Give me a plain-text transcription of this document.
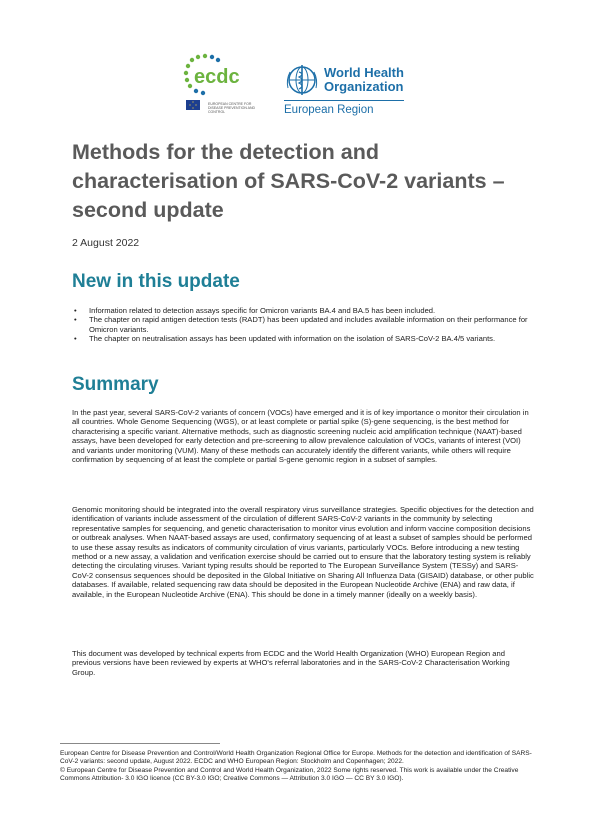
ecdc
EUROPEAN CENTRE FOR DISEASE PREVENTION AND CONTROL
World Health
Organization
European Region
Methods for the detection and characterisation of SARS-CoV-2 variants – second update
2 August 2022
New in this update
• Information related to detection assays specific for Omicron variants BA.4 and BA.5 has been included.
• The chapter on rapid antigen detection tests (RADT) has been updated and includes available information on their performance for Omicron variants.
• The chapter on neutralisation assays has been updated with information on the isolation of SARS-CoV-2 BA.4/5 variants.
Summary

In the past year, several SARS-CoV-2 variants of concern (VOCs) have emerged and it is of key importance o monitor their circulation in all countries. Whole Genome Sequencing (WGS), or at least complete or partial spike (S)-gene sequencing, is the best method for characterising a specific variant. Alternative methods, such as diagnostic screening nucleic acid amplification technique (NAAT)-based assays, have been developed for early detection and pre-screening to allow prevalence calculation of VOCs, variants of interest (VOI) and variants under monitoring (VUM). Many of these methods can accurately identify the different variants, while others will require confirmation by sequencing of at least the complete or partial S-gene genomic region in a subset of samples.

Genomic monitoring should be integrated into the overall respiratory virus surveillance strategies. Specific objectives for the detection and identification of variants include assessment of the circulation of different SARS-CoV-2 variants in the community by selecting representative samples for sequencing, and genetic characterisation to monitor virus evolution and inform vaccine composition decisions or outbreak analyses. When NAAT-based assays are used, confirmatory sequencing of at least a subset of samples should be performed to use these assay results as indicators of community circulation of virus variants, particularly VOCs. Before introducing a new testing method or a new assay, a validation and verification exercise should be carried out to ensure that the laboratory testing system is reliably detecting the circulating viruses. Variant typing results should be reported to The European Surveillance System (TESSy) and SARS-CoV-2 consensus sequences should be deposited in the Global Initiative on Sharing All Influenza Data (GISAID) database, or other public databases. If available, related sequencing raw data should be deposited in the European Nucleotide Archive (ENA) and raw data, if available, in the European Nucleotide Archive (ENA). This should be done in a timely manner (ideally on a weekly basis).

This document was developed by technical experts from ECDC and the World Health Organization (WHO) European Region and previous versions have been reviewed by experts at WHO's referral laboratories and in the SARS-CoV-2 Characterisation Working Group.

European Centre for Disease Prevention and Control/World Health Organization Regional Office for Europe. Methods for the detection and identification of SARS-CoV-2 variants: second update, August 2022. ECDC and WHO European Region: Stockholm and Copenhagen; 2022.
© European Centre for Disease Prevention and Control and World Health Organization, 2022 Some rights reserved. This work is available under the Creative Commons Attribution- 3.0 IGO licence (CC BY-3.0 IGO; Creative Commons — Attribution 3.0 IGO — CC BY 3.0 IGO).
